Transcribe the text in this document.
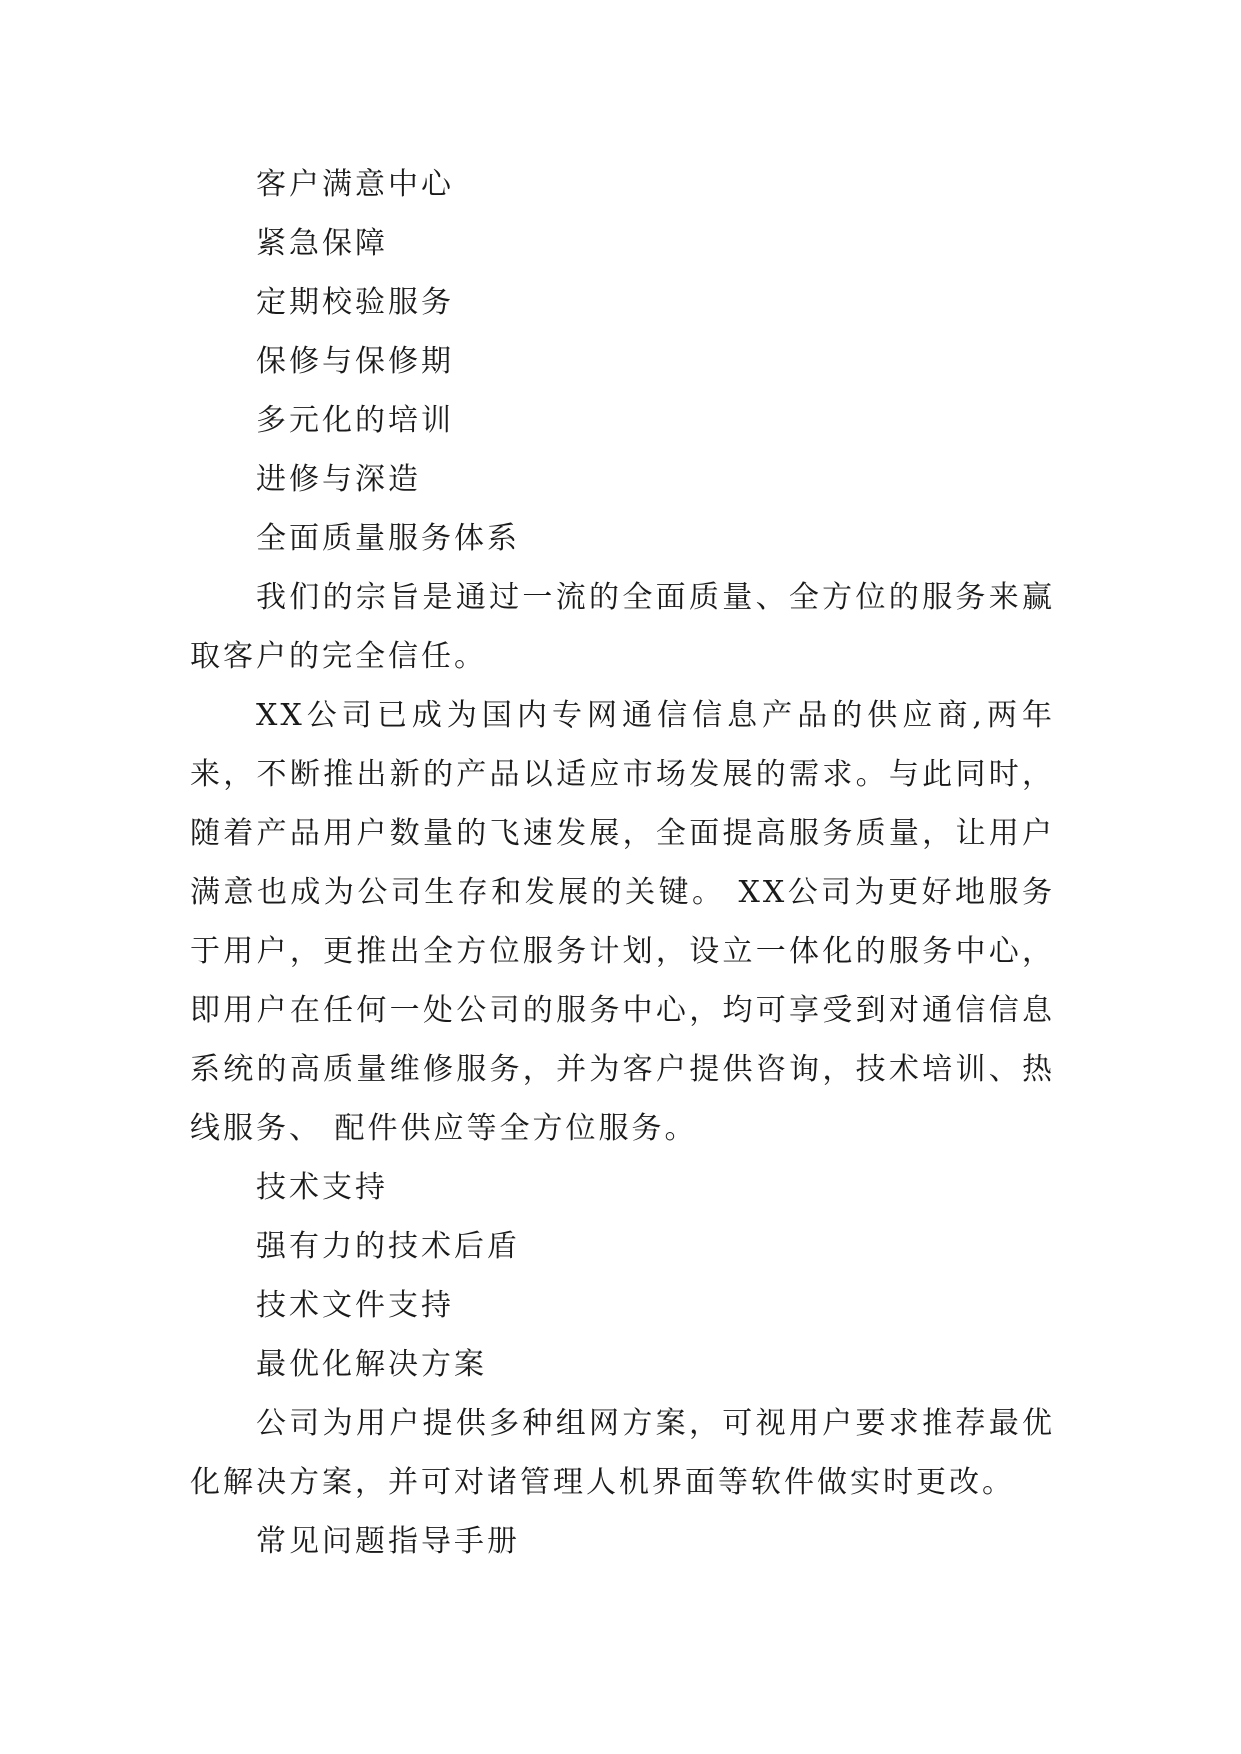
客户满意中心

紧急保障

定期校验服务

保修与保修期

多元化的培训

进修与深造

全面质量服务体系

我们的宗旨是通过一流的全面质量、全方位的服务来赢取客户的完全信任。

XX公司已成为国内专网通信信息产品的供应商,两年来，不断推出新的产品以适应市场发展的需求。与此同时，随着产品用户数量的飞速发展，全面提高服务质量，让用户满意也成为公司生存和发展的关键。 XX公司为更好地服务于用户，更推出全方位服务计划，设立一体化的服务中心，即用户在任何一处公司的服务中心，均可享受到对通信信息系统的高质量维修服务，并为客户提供咨询，技术培训、热线服务、 配件供应等全方位服务。

技术支持

强有力的技术后盾

技术文件支持

最优化解决方案

公司为用户提供多种组网方案，可视用户要求推荐最优化解决方案，并可对诸管理人机界面等软件做实时更改。

常见问题指导手册
